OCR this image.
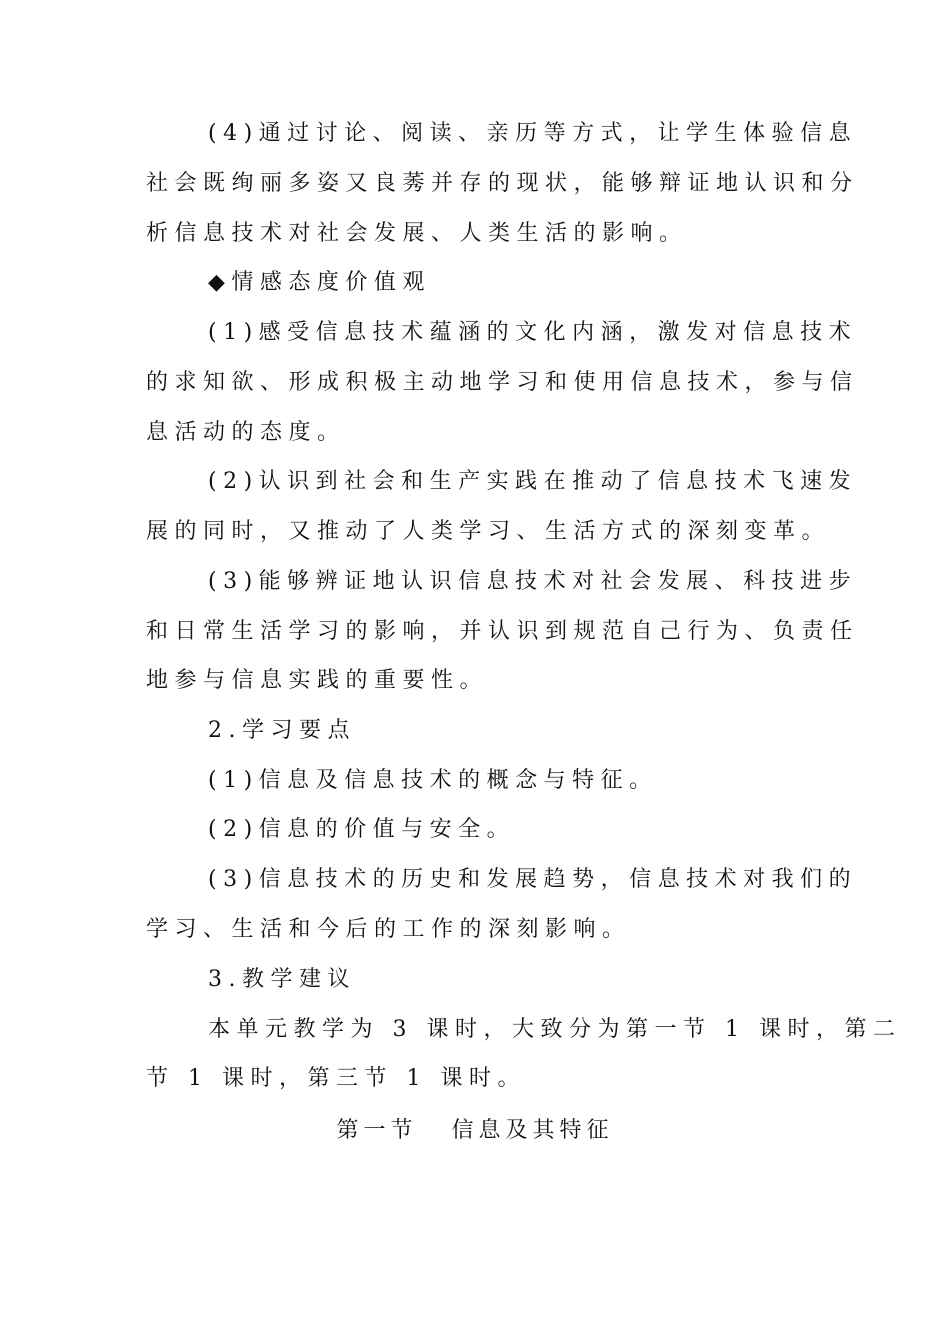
(4)通过讨论、阅读、亲历等方式，让学生体验信息
社会既绚丽多姿又良莠并存的现状，能够辩证地认识和分
析信息技术对社会发展、人类生活的影响。
◆情感态度价值观
(1)感受信息技术蕴涵的文化内涵，激发对信息技术
的求知欲、形成积极主动地学习和使用信息技术，参与信
息活动的态度。
(2)认识到社会和生产实践在推动了信息技术飞速发
展的同时，又推动了人类学习、生活方式的深刻变革。
(3)能够辨证地认识信息技术对社会发展、科技进步
和日常生活学习的影响，并认识到规范自己行为、负责任
地参与信息实践的重要性。
2.学习要点
(1)信息及信息技术的概念与特征。
(2)信息的价值与安全。
(3)信息技术的历史和发展趋势，信息技术对我们的
学习、生活和今后的工作的深刻影响。
3.教学建议
本单元教学为 3 课时，大致分为第一节 1 课时，第二
节 1 课时，第三节 1 课时。
第一节 信息及其特征
